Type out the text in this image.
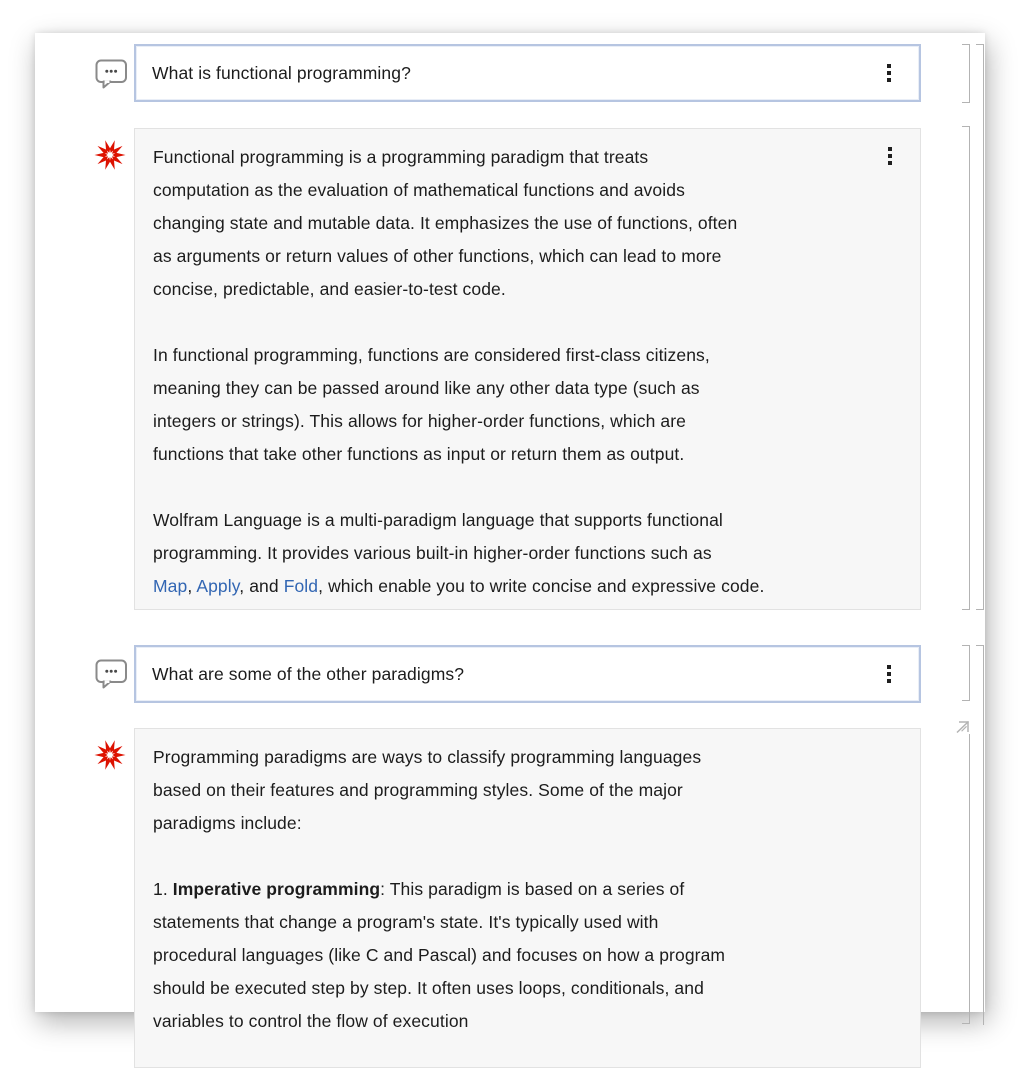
What is functional programming?
Functional programming is a programming paradigm that treats
computation as the evaluation of mathematical functions and avoids
changing state and mutable data. It emphasizes the use of functions, often
as arguments or return values of other functions, which can lead to more
concise, predictable, and easier-to-test code.
In functional programming, functions are considered first-class citizens,
meaning they can be passed around like any other data type (such as
integers or strings). This allows for higher-order functions, which are
functions that take other functions as input or return them as output.
Wolfram Language is a multi-paradigm language that supports functional
programming. It provides various built-in higher-order functions such as
Map, Apply, and Fold, which enable you to write concise and expressive code.
What are some of the other paradigms?
Programming paradigms are ways to classify programming languages
based on their features and programming styles. Some of the major
paradigms include:
1. Imperative programming: This paradigm is based on a series of
statements that change a program's state. It's typically used with
procedural languages (like C and Pascal) and focuses on how a program
should be executed step by step. It often uses loops, conditionals, and
variables to control the flow of execution
